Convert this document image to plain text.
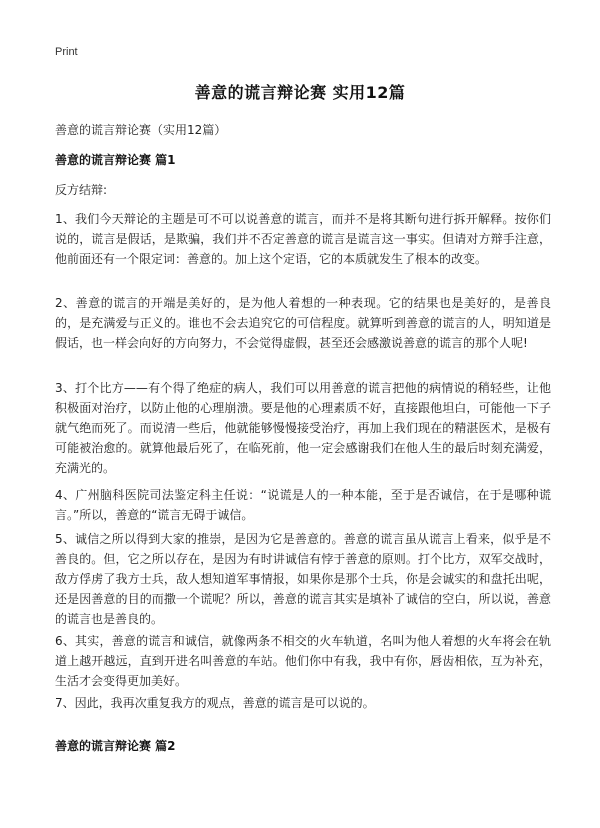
Print
善意的谎言辩论赛 实用12篇
善意的谎言辩论赛（实用12篇）
善意的谎言辩论赛 篇1
反方结辩:
1、我们今天辩论的主题是可不可以说善意的谎言，而并不是将其断句进行拆开解释。按你们说的，谎言是假话，是欺骗，我们并不否定善意的谎言是谎言这一事实。但请对方辩手注意，他前面还有一个限定词：善意的。加上这个定语，它的本质就发生了根本的改变。
2、善意的谎言的开端是美好的，是为他人着想的一种表现。它的结果也是美好的，是善良的，是充满爱与正义的。谁也不会去追究它的可信程度。就算听到善意的谎言的人，明知道是假话，也一样会向好的方向努力，不会觉得虚假，甚至还会感激说善意的谎言的那个人呢!
3、打个比方——有个得了绝症的病人，我们可以用善意的谎言把他的病情说的稍轻些，让他积极面对治疗，以防止他的心理崩溃。要是他的心理素质不好，直接跟他坦白，可能他一下子就气绝而死了。而说清一些后，他就能够慢慢接受治疗，再加上我们现在的精湛医术，是极有可能被治愈的。就算他最后死了，在临死前，他一定会感谢我们在他人生的最后时刻充满爱，充满光的。
4、广州脑科医院司法鉴定科主任说：“说谎是人的一种本能，至于是否诚信，在于是哪种谎言。”所以，善意的“谎言无碍于诚信。
5、诚信之所以得到大家的推崇，是因为它是善意的。善意的谎言虽从谎言上看来，似乎是不善良的。但，它之所以存在，是因为有时讲诚信有悖于善意的原则。打个比方，双军交战时，敌方俘虏了我方士兵，敌人想知道军事情报，如果你是那个士兵，你是会诚实的和盘托出呢，还是因善意的目的而撒一个谎呢？所以，善意的谎言其实是填补了诚信的空白，所以说，善意的谎言也是善良的。
6、其实，善意的谎言和诚信，就像两条不相交的火车轨道，名叫为他人着想的火车将会在轨道上越开越远，直到开进名叫善意的车站。他们你中有我，我中有你，唇齿相依，互为补充，生活才会变得更加美好。
7、因此，我再次重复我方的观点，善意的谎言是可以说的。
善意的谎言辩论赛 篇2
